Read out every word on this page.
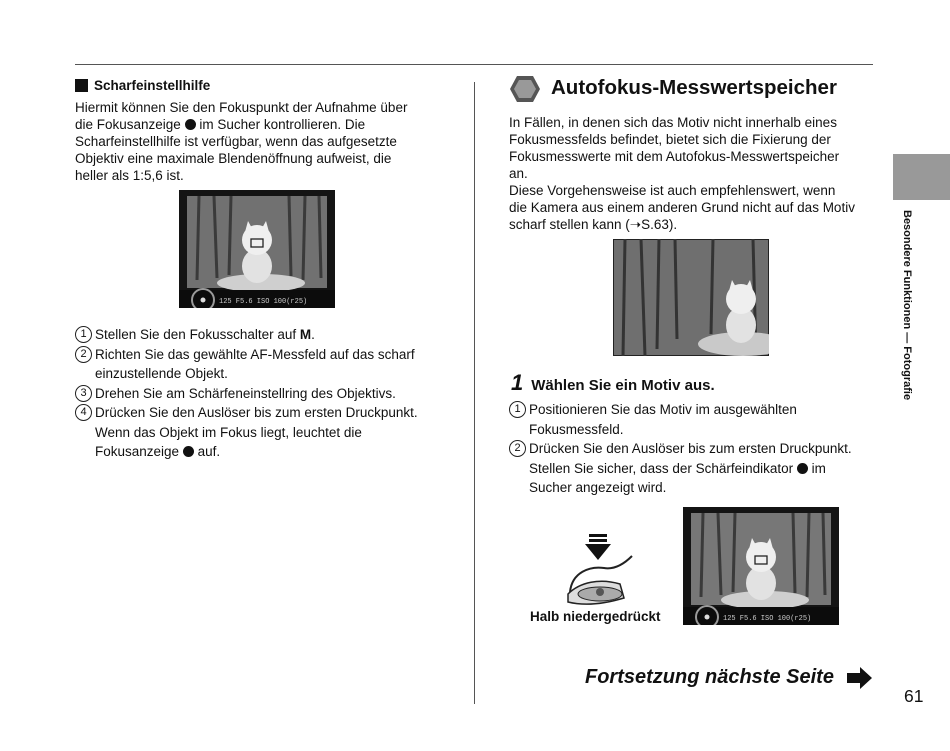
Scharfeinstellhilfe
Hiermit können Sie den Fokuspunkt der Aufnahme über
die Fokusanzeige  im Sucher kontrollieren. Die
Scharfeinstellhilfe ist verfügbar, wenn das aufgesetzte
Objektiv eine maximale Blendenöffnung aufweist, die
heller als 1:5,6 ist.
125 F5.6 ISO 100(r25)
1 Stellen Sie den Fokusschalter auf M.
2 Richten Sie das gewählte AF-Messfeld auf das scharf
einzustellende Objekt.
3 Drehen Sie am Schärfeneinstellring des Objektivs.
4 Drücken Sie den Auslöser bis zum ersten Druckpunkt.
Wenn das Objekt im Fokus liegt, leuchtet die
Fokusanzeige  auf.
Autofokus-Messwertspeicher
In Fällen, in denen sich das Motiv nicht innerhalb eines
Fokusmessfelds befindet, bietet sich die Fixierung der
Fokusmesswerte mit dem Autofokus-Messwertspeicher
an.
Diese Vorgehensweise ist auch empfehlenswert, wenn
die Kamera aus einem anderen Grund nicht auf das Motiv
scharf stellen kann (➝S.63).
1 Wählen Sie ein Motiv aus.
1 Positionieren Sie das Motiv im ausgewählten
Fokusmessfeld.
2 Drücken Sie den Auslöser bis zum ersten Druckpunkt.
Stellen Sie sicher, dass der Schärfeindikator  im
Sucher angezeigt wird.
Halb niedergedrückt	125 F5.6 ISO 100(r25)
Besondere Funktionen — Fotografie
Fortsetzung nächste Seite
61
